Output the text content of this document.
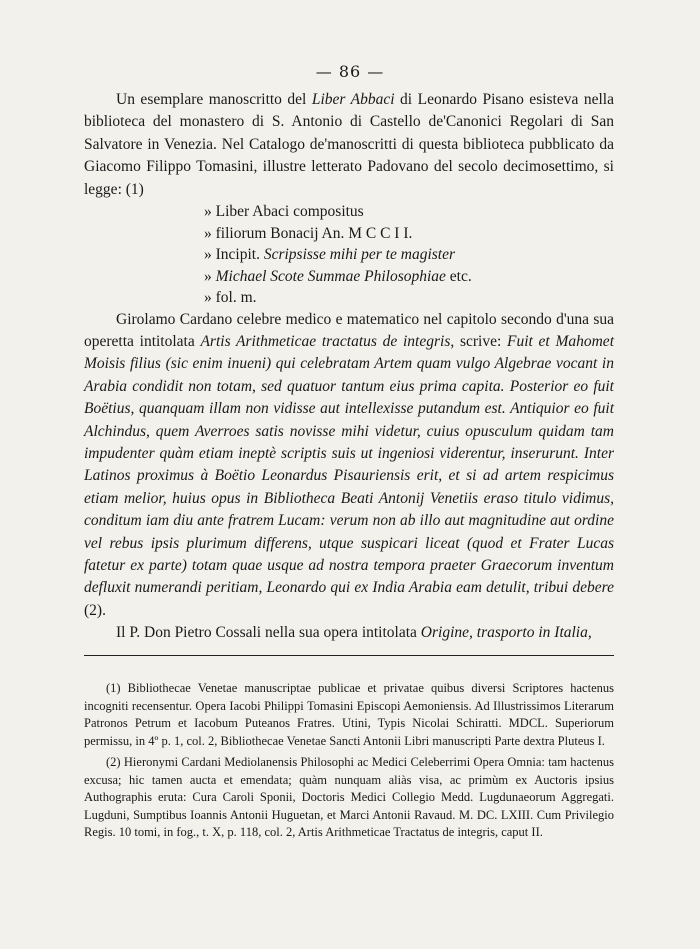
— 86 —

Un esemplare manoscritto del Liber Abbaci di Leonardo Pisano esisteva nella biblioteca del monastero di S. Antonio di Castello de'Canonici Regolari di San Salvatore in Venezia. Nel Catalogo de'manoscritti di questa biblioteca pubblicato da Giacomo Filippo Tomasini, illustre letterato Padovano del secolo decimosettimo, si legge: (1)

» Liber Abaci compositus
» filiorum Bonacij An. M C C I I.
» Incipit. Scripsisse mihi per te magister
» Michael Scote Summae Philosophiae etc.
» fol. m.

Girolamo Cardano celebre medico e matematico nel capitolo secondo d'una sua operetta intitolata Artis Arithmeticae tractatus de integris, scrive: Fuit et Mahomet Moisis filius (sic enim inueni) qui celebratam Artem quam vulgo Algebrae vocant in Arabia condidit non totam, sed quatuor tantum eius prima capita. Posterior eo fuit Boëtius, quanquam illam non vidisse aut intellexisse putandum est. Antiquior eo fuit Alchindus, quem Averroes satis novisse mihi videtur, cuius opusculum quidam tam impudenter quàm etiam ineptè scriptis suis ut ingeniosi viderentur, inserurunt. Inter Latinos proximus à Boëtio Leonardus Pisauriensis erit, et si ad artem respicimus etiam melior, huius opus in Bibliotheca Beati Antonij Venetiis eraso titulo vidimus, conditum iam diu ante fratrem Lucam: verum non ab illo aut magnitudine aut ordine vel rebus ipsis plurimum differens, utque suspicari liceat (quod et Frater Lucas fatetur ex parte) totam quae usque ad nostra tempora praeter Graecorum inventum defluxit numerandi peritiam, Leonardo qui ex India Arabia eam detulit, tribui debere (2).

Il P. Don Pietro Cossali nella sua opera intitolata Origine, trasporto in Italia,

(1) Bibliothecae Venetae manuscriptae publicae et privatae quibus diversi Scriptores hactenus incogniti recensentur. Opera Iacobi Philippi Tomasini Episcopi Aemoniensis. Ad Illustrissimos Literarum Patronos Petrum et Iacobum Puteanos Fratres. Utini, Typis Nicolai Schiratti. MDCL. Superiorum permissu, in 4º p. 1, col. 2, Bibliothecae Venetae Sancti Antonii Libri manuscripti Parte dextra Pluteus I.

(2) Hieronymi Cardani Mediolanensis Philosophi ac Medici Celeberrimi Opera Omnia: tam hactenus excusa; hic tamen aucta et emendata; quàm nunquam aliàs visa, ac primùm ex Auctoris ipsius Authographis eruta: Cura Caroli Sponii, Doctoris Medici Collegio Medd. Lugdunaeorum Aggregati. Lugduni, Sumptibus Ioannis Antonii Huguetan, et Marci Antonii Ravaud. M. DC. LXIII. Cum Privilegio Regis. 10 tomi, in fog., t. X, p. 118, col. 2, Artis Arithmeticae Tractatus de integris, caput II.
